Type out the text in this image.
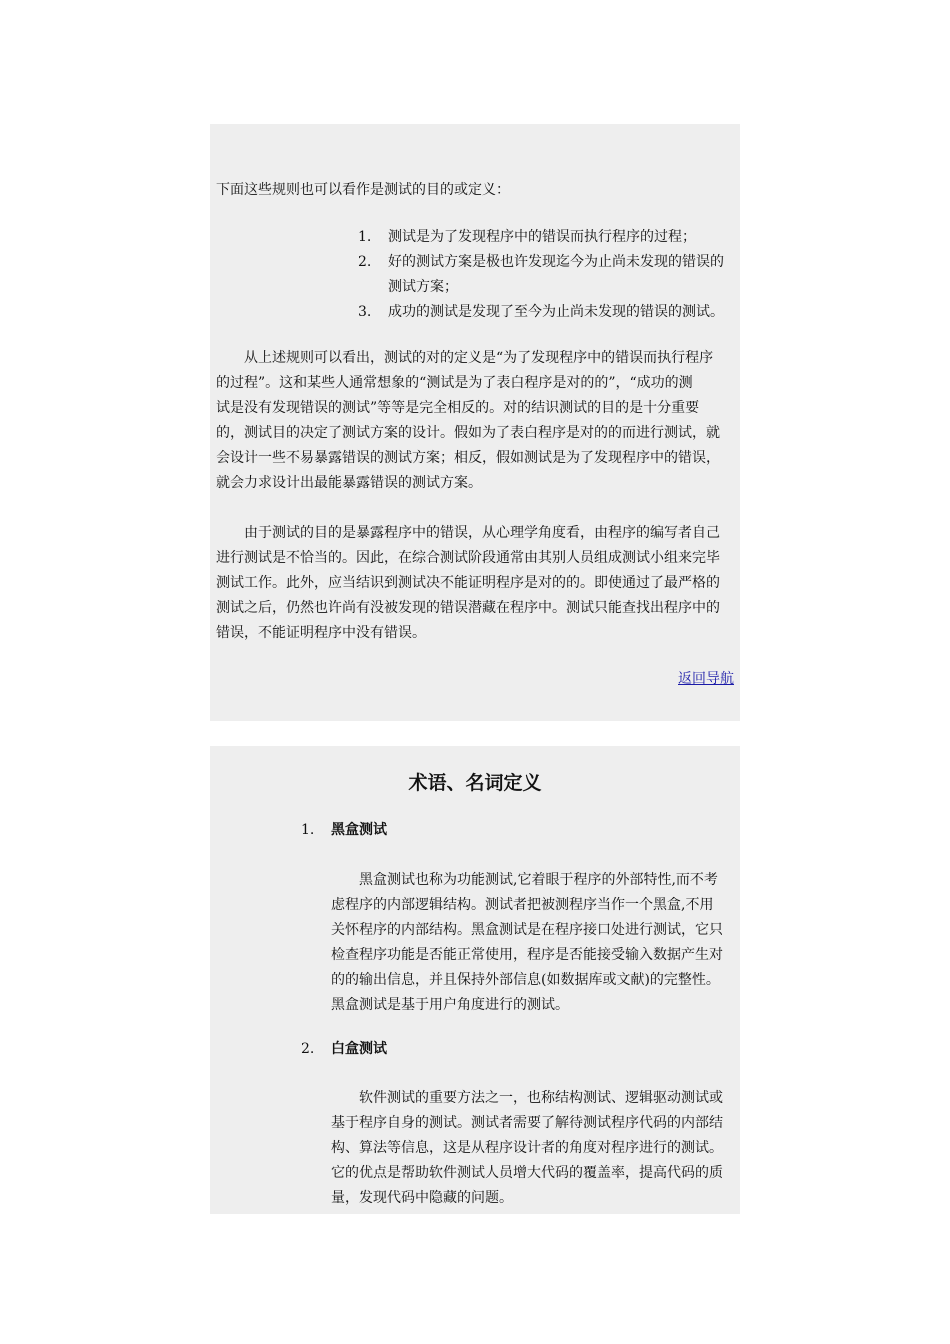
下面这些规则也可以看作是测试的目的或定义：
1. 测试是为了发现程序中的错误而执行程序的过程；
2. 好的测试方案是极也许发现迄今为止尚未发现的错误的
测试方案；
3. 成功的测试是发现了至今为止尚未发现的错误的测试。
从上述规则可以看出，测试的对的定义是“为了发现程序中的错误而执行程序
的过程”。这和某些人通常想象的“测试是为了表白程序是对的的”，“成功的测
试是没有发现错误的测试”等等是完全相反的。对的结识测试的目的是十分重要
的，测试目的决定了测试方案的设计。假如为了表白程序是对的的而进行测试，就
会设计一些不易暴露错误的测试方案；相反，假如测试是为了发现程序中的错误，
就会力求设计出最能暴露错误的测试方案。
由于测试的目的是暴露程序中的错误，从心理学角度看，由程序的编写者自己
进行测试是不恰当的。因此，在综合测试阶段通常由其别人员组成测试小组来完毕
测试工作。此外，应当结识到测试决不能证明程序是对的的。即使通过了最严格的
测试之后，仍然也许尚有没被发现的错误潜藏在程序中。测试只能查找出程序中的
错误，不能证明程序中没有错误。
返回导航
术语、名词定义
1. 黑盒测试
黑盒测试也称为功能测试,它着眼于程序的外部特性,而不考
虑程序的内部逻辑结构。测试者把被测程序当作一个黑盒,不用
关怀程序的内部结构。黑盒测试是在程序接口处进行测试，它只
检查程序功能是否能正常使用，程序是否能接受输入数据产生对
的的输出信息，并且保持外部信息(如数据库或文献)的完整性。
黑盒测试是基于用户角度进行的测试。
2. 白盒测试
软件测试的重要方法之一，也称结构测试、逻辑驱动测试或
基于程序自身的测试。测试者需要了解待测试程序代码的内部结
构、算法等信息，这是从程序设计者的角度对程序进行的测试。
它的优点是帮助软件测试人员增大代码的覆盖率，提高代码的质
量，发现代码中隐藏的问题。
